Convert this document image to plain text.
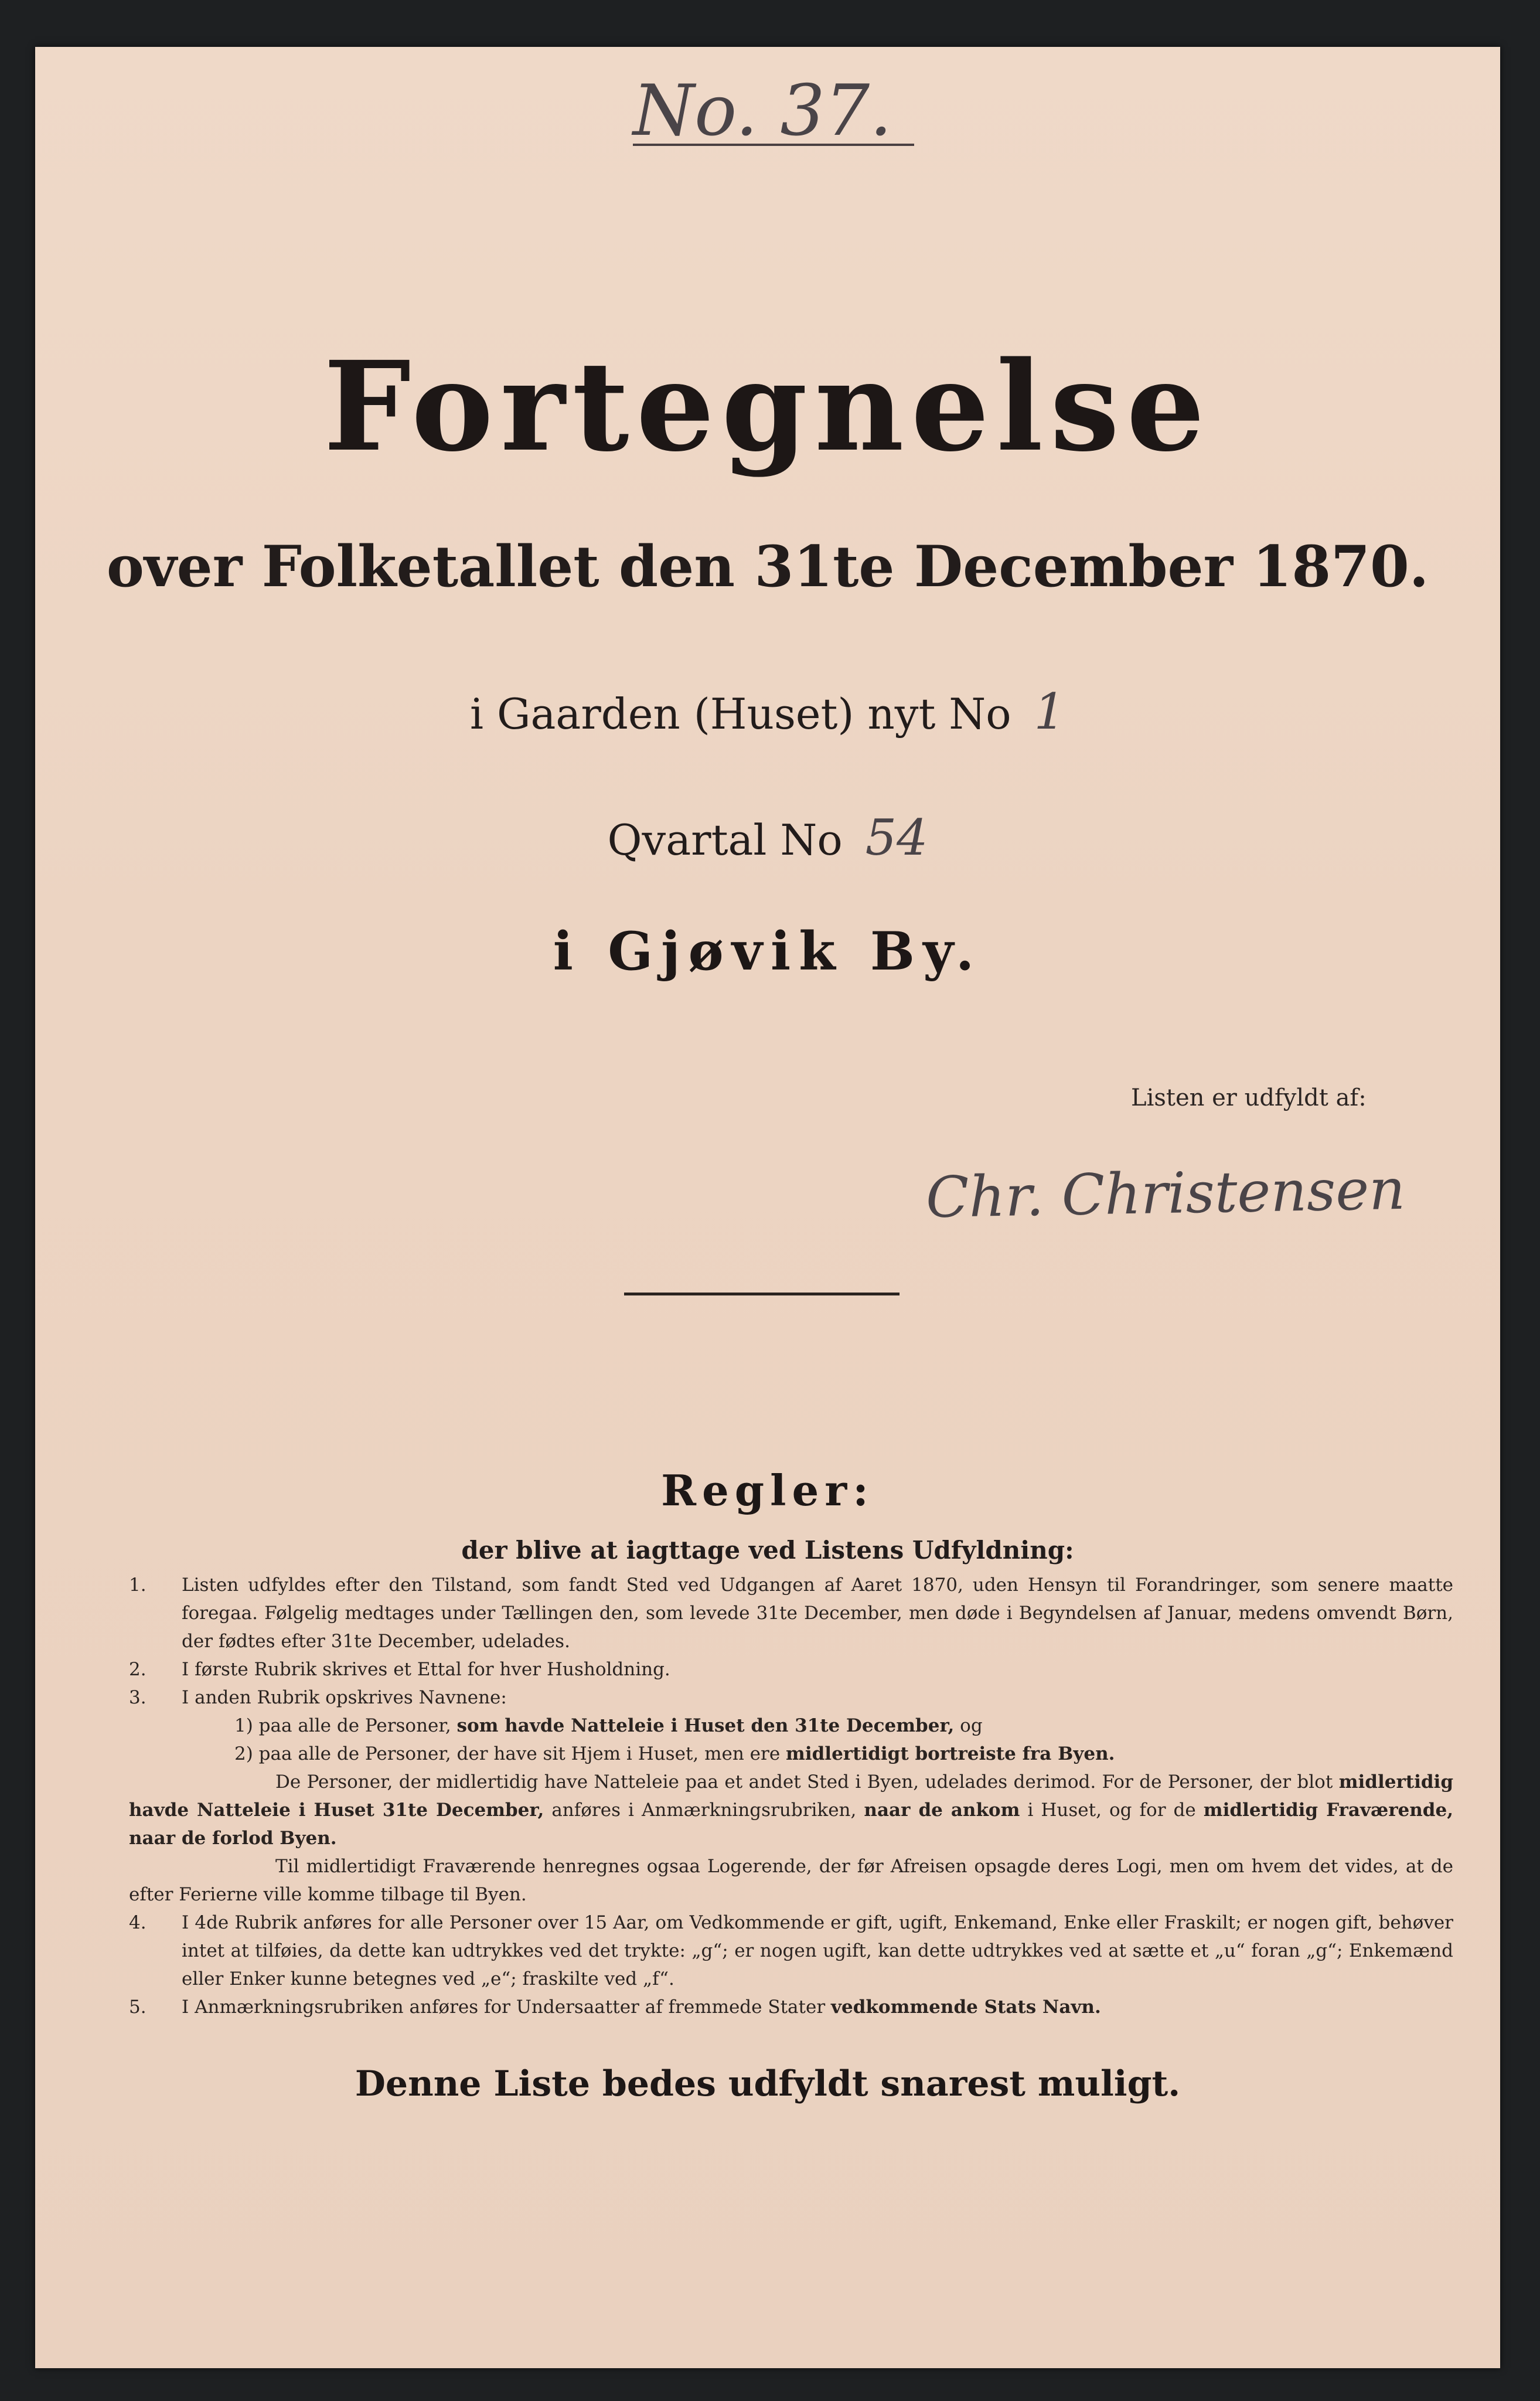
No. 37.
Fortegnelse
over Folketallet den 31te December 1870.
i Gaarden (Huset) nyt No 1
Qvartal No 54
i Gjøvik By.
Listen er udfyldt af:
Chr. Christensen
Regler:
der blive at iagttage ved Listens Udfyldning:

1. Listen udfyldes efter den Tilstand, som fandt Sted ved Udgangen af Aaret 1870, uden Hensyn til Forandringer, som senere maatte foregaa. Følgelig medtages under Tællingen den, som levede 31te December, men døde i Begyndelsen af Januar, medens omvendt Børn, der fødtes efter 31te December, udelades.

2. I første Rubrik skrives et Ettal for hver Husholdning.

3. I anden Rubrik opskrives Navnene:

1) paa alle de Personer, som havde Natteleie i Huset den 31te December, og

2) paa alle de Personer, der have sit Hjem i Huset, men ere midlertidigt bortreiste fra Byen.

De Personer, der midlertidig have Natteleie paa et andet Sted i Byen, udelades derimod. For de Personer, der blot midlertidig havde Natteleie i Huset 31te December, anføres i Anmærkningsrubriken, naar de ankom i Huset, og for de midlertidig Fraværende, naar de forlod Byen.

Til midlertidigt Fraværende henregnes ogsaa Logerende, der før Afreisen opsagde deres Logi, men om hvem det vides, at de efter Ferierne ville komme tilbage til Byen.

4. I 4de Rubrik anføres for alle Personer over 15 Aar, om Vedkommende er gift, ugift, Enkemand, Enke eller Fraskilt; er nogen gift, behøver intet at tilføies, da dette kan udtrykkes ved det trykte: „g“; er nogen ugift, kan dette udtrykkes ved at sætte et „u“ foran „g“; Enkemænd eller Enker kunne betegnes ved „e“; fraskilte ved „f“.

5. I Anmærkningsrubriken anføres for Undersaatter af fremmede Stater vedkommende Stats Navn.

Denne Liste bedes udfyldt snarest muligt.
